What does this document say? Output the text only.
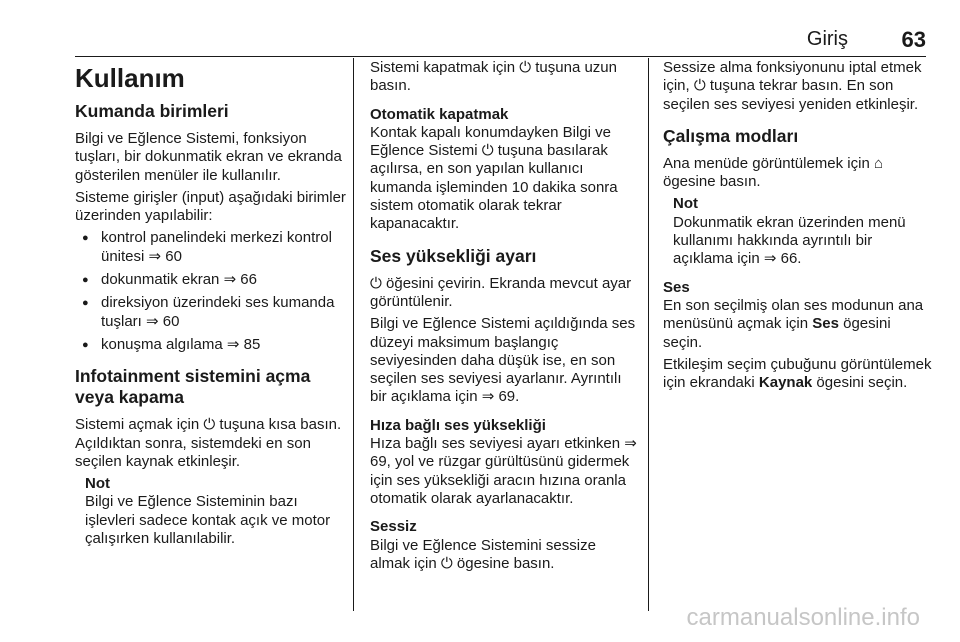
Giriş 63
Kullanım
Kumanda birimleri

Bilgi ve Eğlence Sistemi, fonksiyon tuşları, bir dokunmatik ekran ve ekranda gösterilen menüler ile kullanılır.

Sisteme girişler (input) aşağıdaki birimler üzerinden yapılabilir:

● kontrol panelindeki merkezi kontrol ünitesi ⇒ 60
● dokunmatik ekran ⇒ 66
● direksiyon üzerindeki ses kumanda tuşları ⇒ 60
● konuşma algılama ⇒ 85
Infotainment sistemini açma veya kapama

Sistemi açmak için ⏻ tuşuna kısa basın. Açıldıktan sonra, sistemdeki en son seçilen kaynak etkinleşir.

Not
Bilgi ve Eğlence Sisteminin bazı işlevleri sadece kontak açık ve motor çalışırken kullanılabilir.

Sistemi kapatmak için ⏻ tuşuna uzun basın.

Otomatik kapatmak

Kontak kapalı konumdayken Bilgi ve Eğlence Sistemi ⏻ tuşuna basılarak açılırsa, en son yapılan kullanıcı kumanda işleminden 10 dakika sonra sistem otomatik olarak tekrar kapanacaktır.

Ses yüksekliği ayarı

⏻ öğesini çevirin. Ekranda mevcut ayar görüntülenir.

Bilgi ve Eğlence Sistemi açıldığında ses düzeyi maksimum başlangıç seviyesinden daha düşük ise, en son seçilen ses seviyesi ayarlanır. Ayrıntılı bir açıklama için ⇒ 69.

Hıza bağlı ses yüksekliği

Hıza bağlı ses seviyesi ayarı etkinken ⇒ 69, yol ve rüzgar gürültüsünü gidermek için ses yüksekliği aracın hızına oranla otomatik olarak ayarlanacaktır.

Sessiz

Bilgi ve Eğlence Sistemini sessize almak için ⏻ ögesine basın.

Sessize alma fonksiyonunu iptal etmek için, ⏻ tuşuna tekrar basın. En son seçilen ses seviyesi yeniden etkinleşir.

Çalışma modları

Ana menüde görüntülemek için ⌂ ögesine basın.

Not
Dokunmatik ekran üzerinden menü kullanımı hakkında ayrıntılı bir açıklama için ⇒ 66.
Ses

En son seçilmiş olan ses modunun ana menüsünü açmak için Ses ögesini seçin.

Etkileşim seçim çubuğunu görüntülemek için ekrandaki Kaynak ögesini seçin.

carmanualsonline.info
